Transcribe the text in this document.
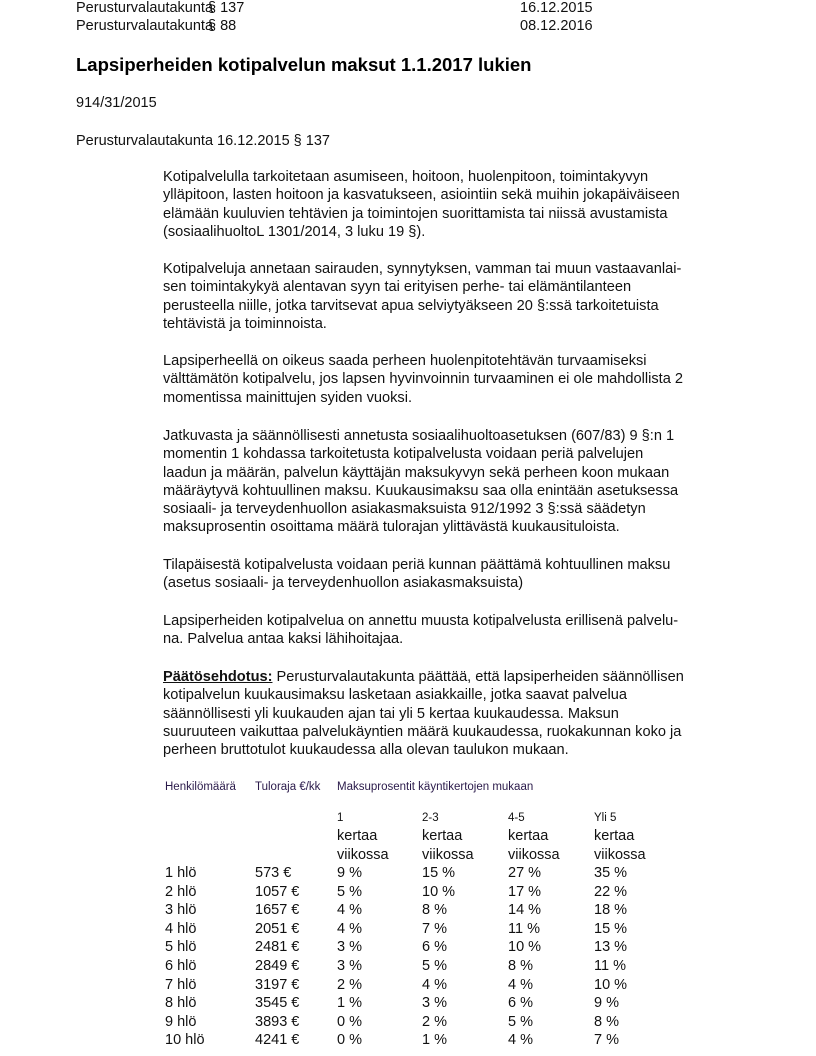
Perusturvalautakunta
§ 137	16.12.2015
Perusturvalautakunta
§ 88	08.12.2016
Lapsiperheiden kotipalvelun maksut 1.1.2017 lukien
914/31/2015
Perusturvalautakunta 16.12.2015 § 137

Kotipalvelulla tarkoitetaan asumiseen, hoitoon, huolenpitoon, toimintakyvyn
ylläpitoon, lasten hoitoon ja kasvatukseen, asiointiin sekä muihin jokapäiväiseen
elämään kuuluvien tehtävien ja toimintojen suorittamista tai niissä avustamista
(sosiaalihuoltoL 1301/2014, 3 luku 19 §).

Kotipalveluja annetaan sairauden, synnytyksen, vamman tai muun vastaavanlai-
sen toimintakykyä alentavan syyn tai erityisen perhe- tai elämäntilanteen
perusteella niille, jotka tarvitsevat apua selviytyäkseen 20 §:ssä tarkoitetuista
tehtävistä ja toiminnoista.

Lapsiperheellä on oikeus saada perheen huolenpitotehtävän turvaamiseksi
välttämätön kotipalvelu, jos lapsen hyvinvoinnin turvaaminen ei ole mahdollista 2
momentissa mainittujen syiden vuoksi.

Jatkuvasta ja säännöllisesti annetusta sosiaalihuoltoasetuksen (607/83) 9 §:n 1
momentin 1 kohdassa tarkoitetusta kotipalvelusta voidaan periä palvelujen
laadun ja määrän, palvelun käyttäjän maksukyvyn sekä perheen koon mukaan
määräytyvä kohtuullinen maksu. Kuukausimaksu saa olla enintään asetuksessa
sosiaali- ja terveydenhuollon asiakasmaksuista 912/1992 3 §:ssä säädetyn
maksuprosentin osoittama määrä tulorajan ylittävästä kuukausituloista.

Tilapäisestä kotipalvelusta voidaan periä kunnan päättämä kohtuullinen maksu
(asetus sosiaali- ja terveydenhuollon asiakasmaksuista)

Lapsiperheiden kotipalvelua on annettu muusta kotipalvelusta erillisenä palvelu-
na. Palvelua antaa kaksi lähihoitajaa.

Päätösehdotus: Perusturvalautakunta päättää, että lapsiperheiden säännöllisen
kotipalvelun kuukausimaksu lasketaan asiakkaille, jotka saavat palvelua
säännöllisesti yli kuukauden ajan tai yli 5 kertaa kuukaudessa. Maksun
suuruuteen vaikuttaa palvelukäyntien määrä kuukaudessa, ruokakunnan koko ja
perheen bruttotulot kuukaudessa alla olevan taulukon mukaan.

Henkilömäärä Tuloraja €/kk Maksuprosentit käyntikertojen mukaan
1
kertaa
viikossa
2-3
kertaa
viikossa
4-5
kertaa
viikossa
Yli 5
kertaa
viikossa
1 hlö	573 €	9 %	15 %	27 %	35 %
2 hlö	1057 €	5 %	10 %	17 %	22 %
3 hlö	1657 €	4 %	8 %	14 %	18 %
4 hlö	2051 €	4 %	7 %	11 %	15 %
5 hlö	2481 €	3 %	6 %	10 %	13 %
6 hlö	2849 €	3 %	5 %	8 %	11 %
7 hlö	3197 €	2 %	4 %	4 %	10 %
8 hlö	3545 €	1 %	3 %	6 %	9 %
9 hlö	3893 €	0 %	2 %	5 %	8 %
10 hlö	4241 €	0 %	1 %	4 %	7 %
